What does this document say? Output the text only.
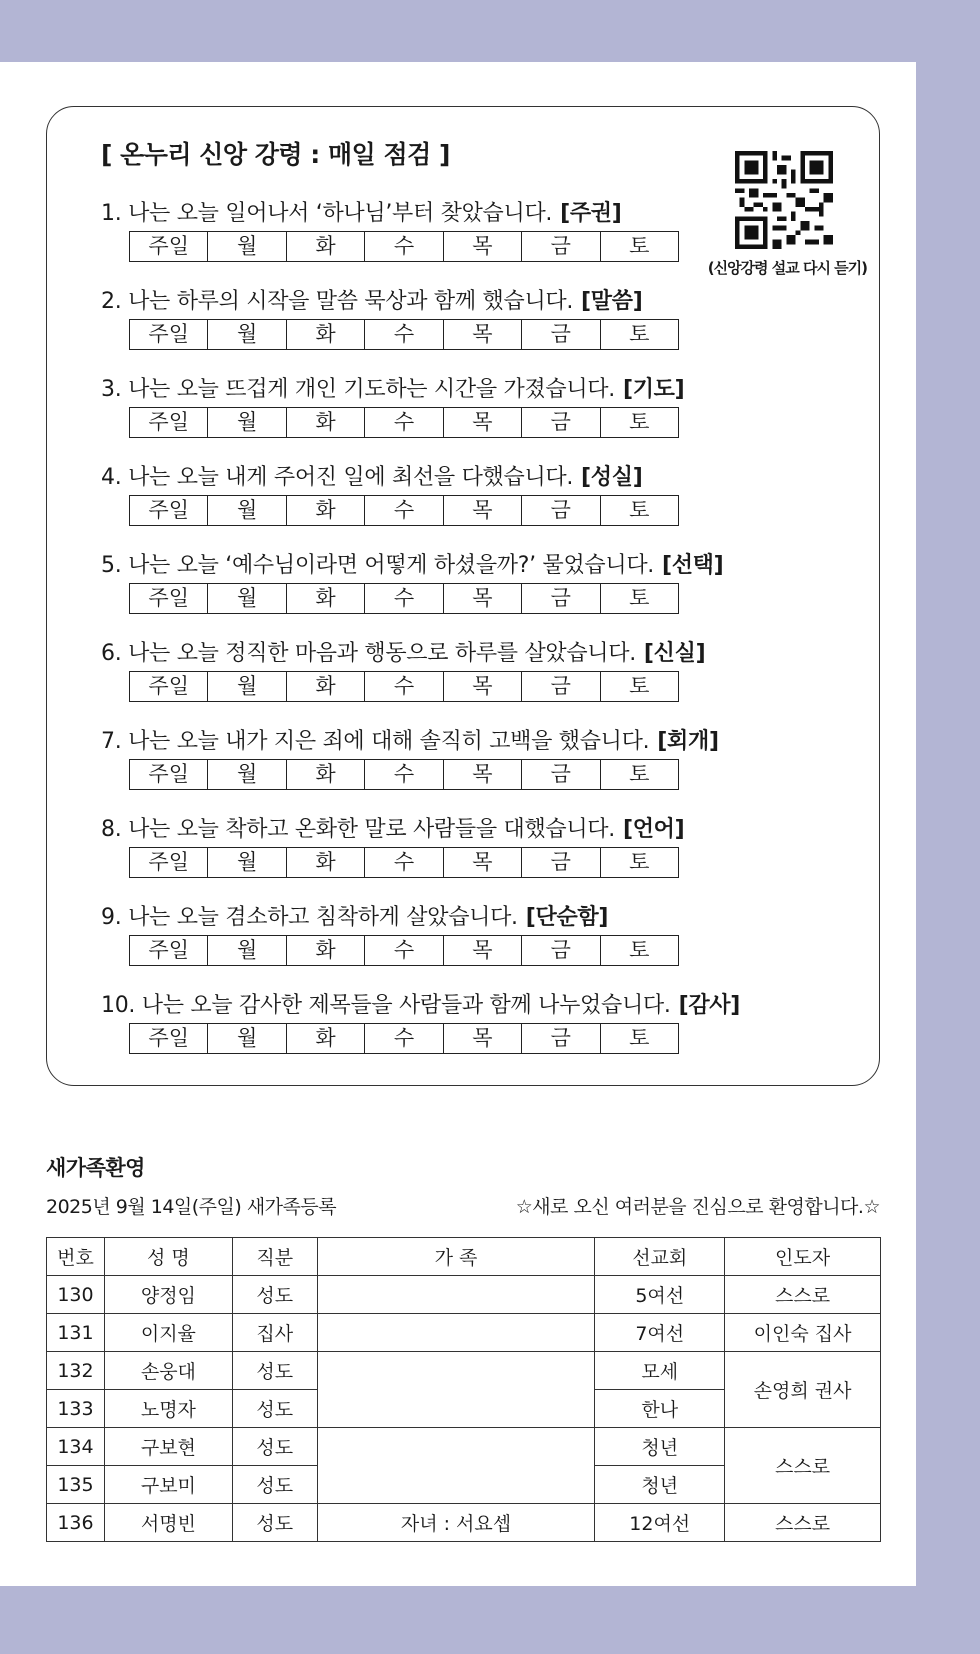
[ 온누리 신앙 강령 : 매일 점검 ]
(신앙강령 설교 다시 듣기)
1. 나는 오늘 일어나서 ‘하나님’부터 찾았습니다. [주권]
주일	월	화	수	목	금	토
2. 나는 하루의 시작을 말씀 묵상과 함께 했습니다. [말씀]
주일	월	화	수	목	금	토
3. 나는 오늘 뜨겁게 개인 기도하는 시간을 가졌습니다. [기도]
주일	월	화	수	목	금	토
4. 나는 오늘 내게 주어진 일에 최선을 다했습니다. [성실]
주일	월	화	수	목	금	토
5. 나는 오늘 ‘예수님이라면 어떻게 하셨을까?’ 물었습니다. [선택]
주일	월	화	수	목	금	토
6. 나는 오늘 정직한 마음과 행동으로 하루를 살았습니다. [신실]
주일	월	화	수	목	금	토
7. 나는 오늘 내가 지은 죄에 대해 솔직히 고백을 했습니다. [회개]
주일	월	화	수	목	금	토
8. 나는 오늘 착하고 온화한 말로 사람들을 대했습니다. [언어]
주일	월	화	수	목	금	토
9. 나는 오늘 겸소하고 침착하게 살았습니다. [단순함]
주일	월	화	수	목	금	토
10. 나는 오늘 감사한 제목들을 사람들과 함께 나누었습니다. [감사]
주일	월	화	수	목	금	토
새가족환영
2025년 9월 14일(주일) 새가족등록	☆새로 오신 여러분을 진심으로 환영합니다.☆
번호	성 명	직분	가 족	선교회	인도자
130	양정임	성도		5여선	스스로
131	이지율	집사		7여선	이인숙 집사
132	손웅대	성도		모세	손영희 권사
133	노명자	성도		한나	
134	구보현	성도		청년	스스로
135	구보미	성도		청년	
136	서명빈	성도	자녀 : 서요셉	12여선	스스로
